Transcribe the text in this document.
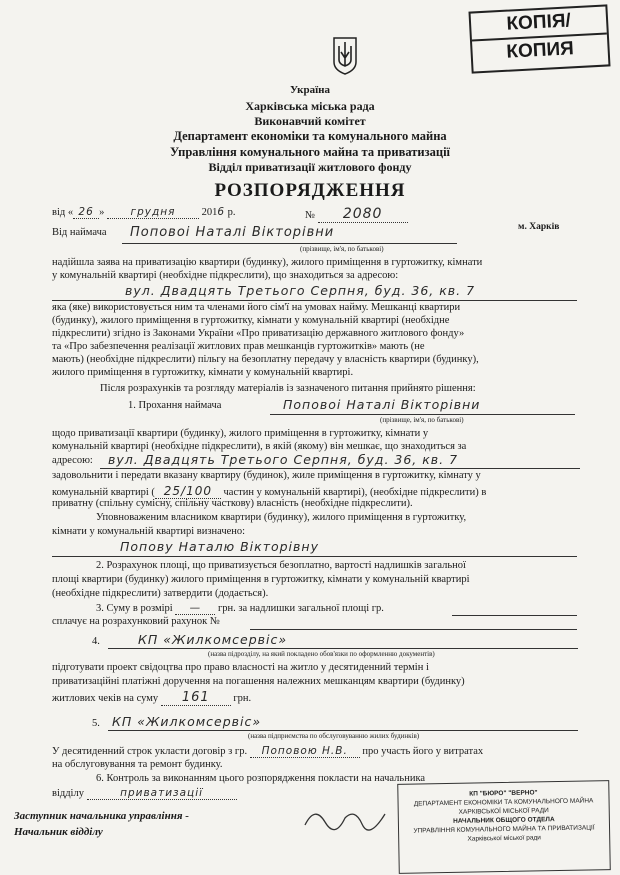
КОПІЯ/
КОПИЯ
Україна
Харківська міська рада
Виконавчий комітет
Департамент економіки та комунального майна
Управління комунального майна та приватизації
Відділ приватизації житлового фонду
РОЗПОРЯДЖЕННЯ
від « 26 » грудня 2016 р.	№ 2080
м. Харків
Від наймача Поповоі Наталі Вікторівни
(прізвище, ім'я, по батькові)
надійшла заява на приватизацію квартири (будинку), жилого приміщення в гуртожитку, кімнати
у комунальній квартирі (необхідне підкреслити), що знаходиться за адресою:
вул. Двадцять Третього Серпня, буд. 36, кв. 7
яка (яке) використовується ним та членами його сім'ї на умовах найму. Мешканці квартири
(будинку), жилого приміщення в гуртожитку, кімнати у комунальній квартирі (необхідне
підкреслити) згідно із Законами України «Про приватизацію державного житлового фонду»
та «Про забезпечення реалізації житлових прав мешканців гуртожитків» мають (не
мають) (необхідне підкреслити) пільгу на безоплатну передачу у власність квартири (будинку),
жилого приміщення в гуртожитку, кімнати у комунальній квартирі.
Після розрахунків та розгляду матеріалів із зазначеного питання прийнято рішення:
1. Прохання наймача	Поповоі Наталі Вікторівни
(прізвище, ім'я, по батькові)
щодо приватизації квартири (будинку), жилого приміщення в гуртожитку, кімнати у
комунальній квартирі (необхідне підкреслити), в якій (якому) він мешкає, що знаходиться за
адресою: вул. Двадцять Третього Серпня, буд. 36, кв. 7
задовольнити і передати вказану квартиру (будинок), жиле приміщення в гуртожитку, кімнату у
комунальній квартирі ( 25/100 частин у комунальній квартирі), (необхідне підкреслити) в
приватну (спільну сумісну, спільну часткову) власність (необхідне підкреслити).
Уповноваженим власником квартири (будинку), жилого приміщення в гуртожитку,
кімнати у комунальній квартирі визначено:
Попову Наталю Вікторівну
2. Розрахунок площі, що приватизується безоплатно, вартості надлишків загальної
площі квартири (будинку) жилого приміщення в гуртожитку, кімнати у комунальній квартирі
(необхідне підкреслити) затвердити (додається).
3. Суму в розмірі — грн. за надлишки загальної площі гр.
сплачує на розрахунковий рахунок №
4.	КП «Жилкомсервіс»
(назва підрозділу, на який покладено обов'язки по оформленню документів)
підготувати проект свідоцтва про право власності на житло у десятиденний термін і
приватизаційні платіжні доручення на погашення належних мешканцям квартири (будинку)
житлових чеків на суму 161 грн.
5. КП «Жилкомсервіс»
(назва підприємства по обслуговуванню жилих будинків)
У десятиденний строк укласти договір з гр. Поповою Н.В. про участь його у витратах
на обслуговування та ремонт будинку.
6. Контроль за виконанням цього розпорядження покласти на начальника
відділу	приватизації
Заступник начальника управління -
Начальник відділу
КП "БЮРО" "ВЕРНО"
ДЕПАРТАМЕНТ ЕКОНОМІКИ ТА КОМУНАЛЬНОГО МАЙНА
ХАРКІВСЬКОЇ МІСЬКОЇ РАДИ
НАЧАЛЬНИК ОБЩОГО ОТДЕЛА
УПРАВЛІННЯ КОМУНАЛЬНОГО МАЙНА ТА ПРИВАТИЗАЦІЇ
Харківської міської ради
